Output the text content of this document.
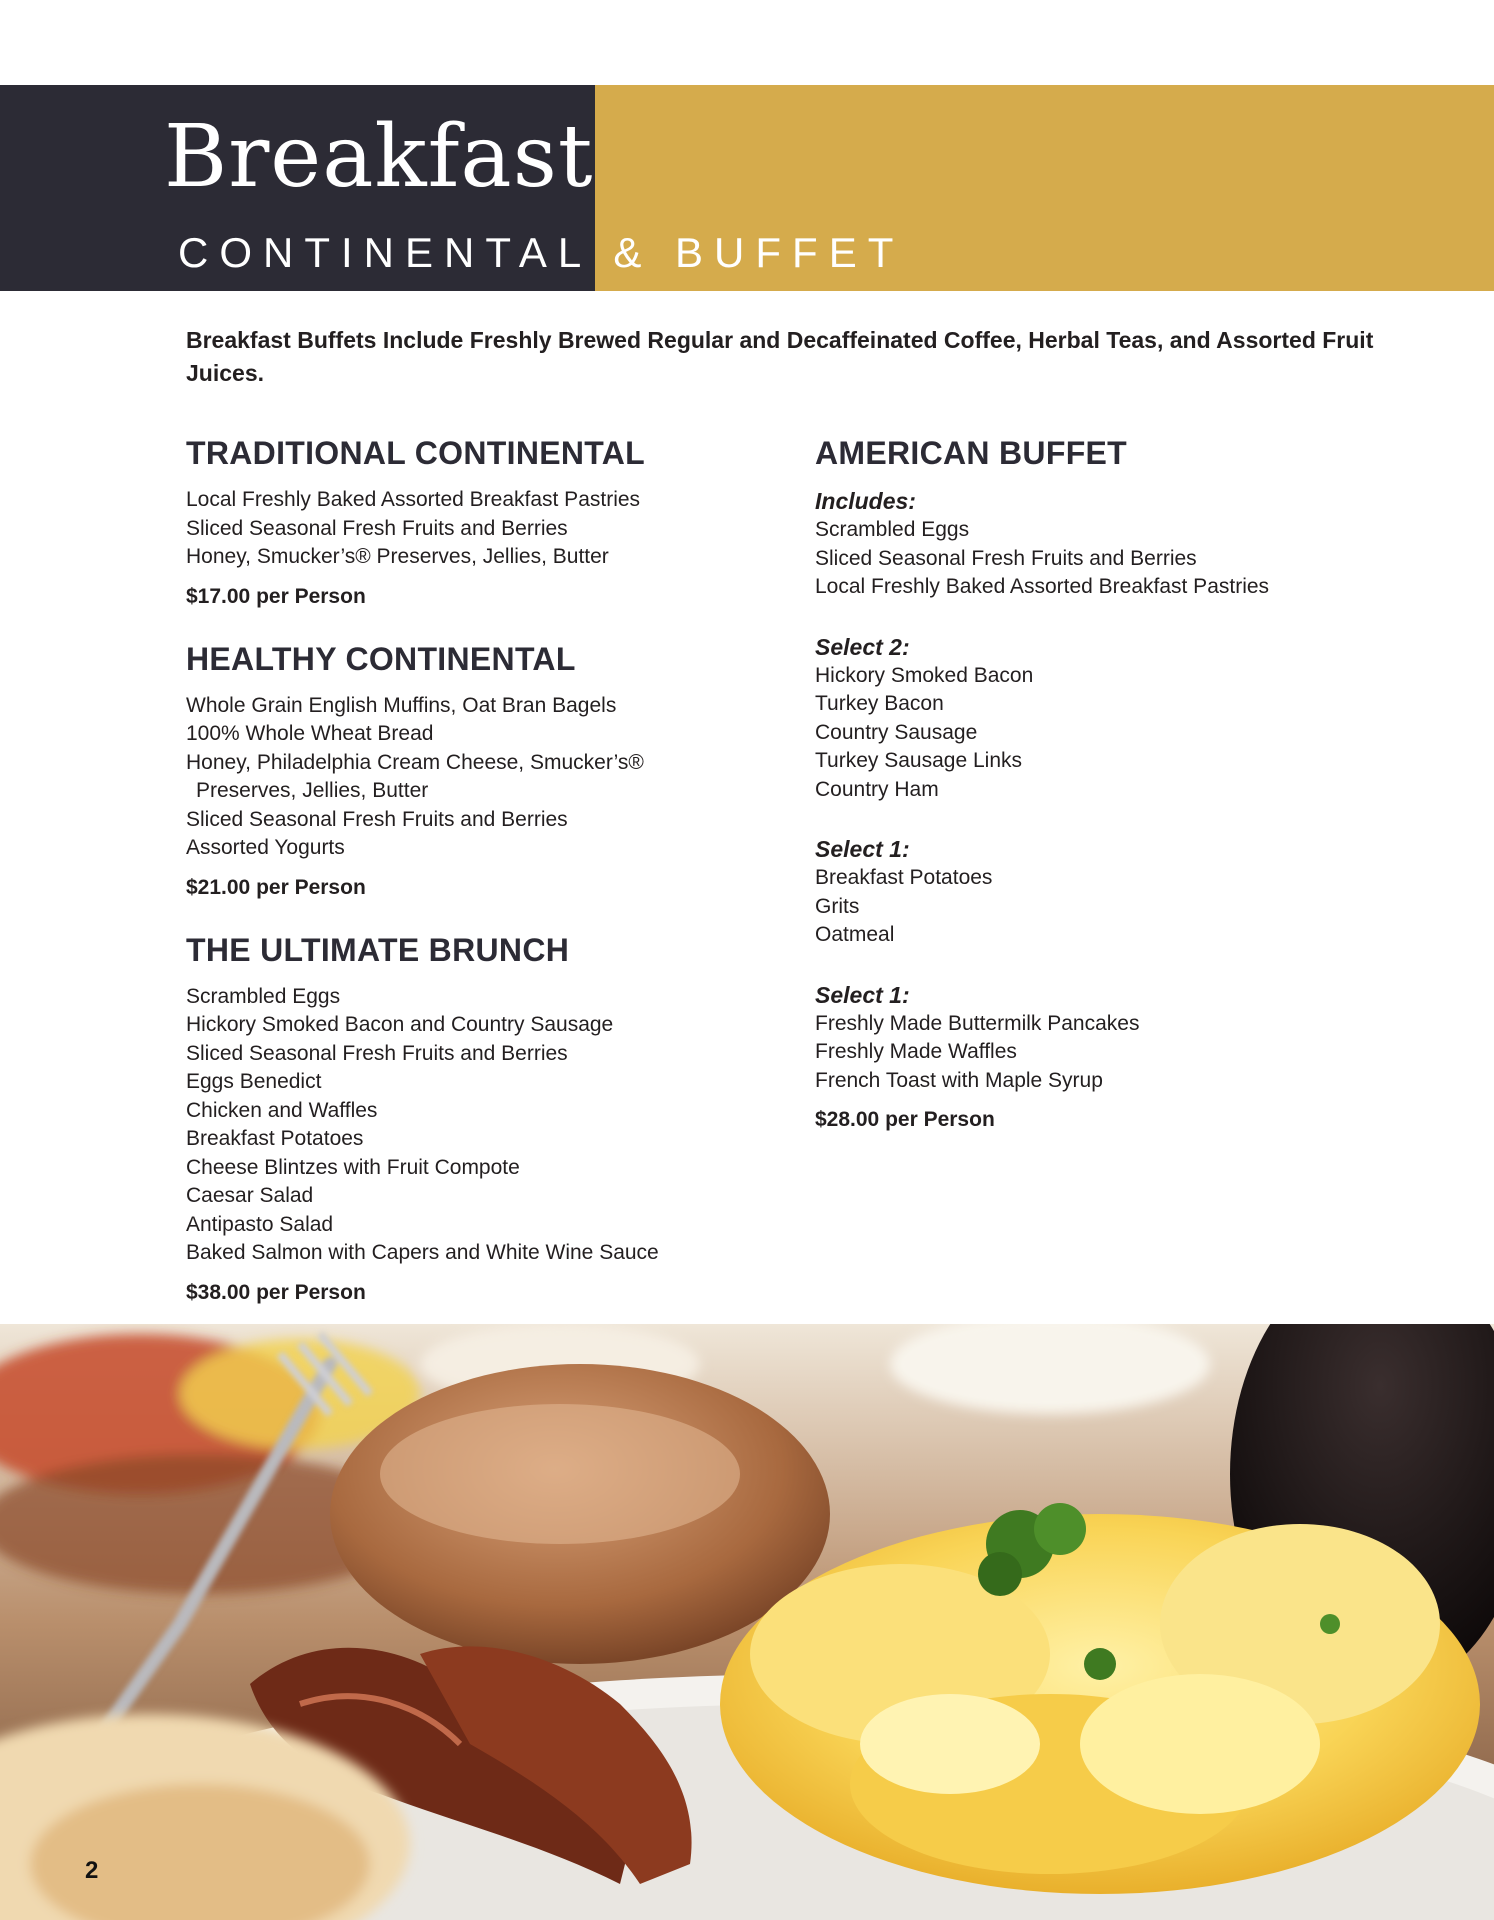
Breakfast

CONTINENTAL & BUFFET

Breakfast Buffets Include Freshly Brewed Regular and Decaffeinated Coffee, Herbal Teas, and Assorted Fruit Juices.

TRADITIONAL CONTINENTAL
Local Freshly Baked Assorted Breakfast Pastries
Sliced Seasonal Fresh Fruits and Berries
Honey, Smucker’s® Preserves, Jellies, Butter

$17.00 per Person

HEALTHY CONTINENTAL
Whole Grain English Muffins, Oat Bran Bagels
100% Whole Wheat Bread
Honey, Philadelphia Cream Cheese, Smucker’s®
Preserves, Jellies, Butter
Sliced Seasonal Fresh Fruits and Berries
Assorted Yogurts

$21.00 per Person

THE ULTIMATE BRUNCH
Scrambled Eggs
Hickory Smoked Bacon and Country Sausage
Sliced Seasonal Fresh Fruits and Berries
Eggs Benedict
Chicken and Waffles
Breakfast Potatoes
Cheese Blintzes with Fruit Compote
Caesar Salad
Antipasto Salad
Baked Salmon with Capers and White Wine Sauce

$38.00 per Person

AMERICAN BUFFET

Includes:

Scrambled Eggs
Sliced Seasonal Fresh Fruits and Berries
Local Freshly Baked Assorted Breakfast Pastries

Select 2:

Hickory Smoked Bacon
Turkey Bacon
Country Sausage
Turkey Sausage Links
Country Ham

Select 1:

Breakfast Potatoes
Grits
Oatmeal

Select 1:

Freshly Made Buttermilk Pancakes
Freshly Made Waffles
French Toast with Maple Syrup

$28.00 per Person

2
